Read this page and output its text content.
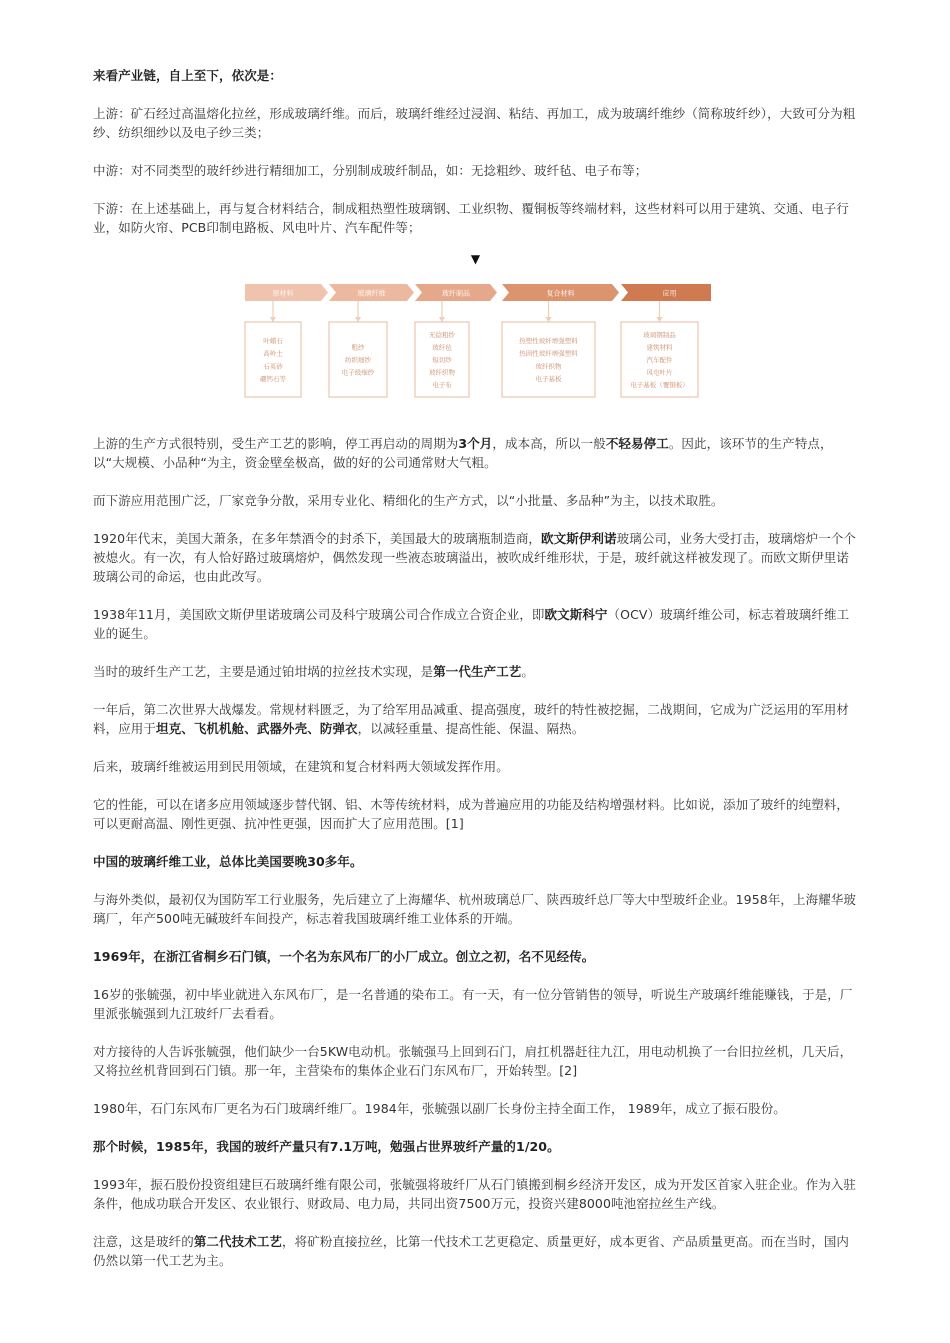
来看产业链，自上至下，依次是：

上游：矿石经过高温熔化拉丝，形成玻璃纤维。而后，玻璃纤维经过浸润、粘结、再加工，成为玻璃纤维纱（简称玻纤纱），大致可分为粗纱、纺织细纱以及电子纱三类；

中游：对不同类型的玻纤纱进行精细加工，分别制成玻纤制品，如：无捻粗纱、玻纤毡、电子布等；

下游：在上述基础上，再与复合材料结合，制成粗热塑性玻璃钢、工业织物、覆铜板等终端材料，这些材料可以用于建筑、交通、电子行业，如防火帘、PCB印制电路板、风电叶片、汽车配件等；

▼
原材料
叶蜡石
高岭土
石英砂
硼钙石等
玻璃纤维
粗纱
纺织细纱
电子级细纱
玻纤制品
无捻粗纱
玻纤毡
短切纱
玻纤织物
电子布
复合材料
热塑性玻纤增强塑料
热固性玻纤增强塑料
玻纤织物
电子基板
应用
玻璃钢制品
建筑材料
汽车配件
风电叶片
电子基板（覆铜板）

上游的生产方式很特别，受生产工艺的影响，停工再启动的周期为3个月，成本高，所以一般不轻易停工。因此，该环节的生产特点，以“大规模、小品种“为主，资金壁垒极高，做的好的公司通常财大气粗。

而下游应用范围广泛，厂家竞争分散，采用专业化、精细化的生产方式，以“小批量、多品种”为主，以技术取胜。

1920年代末，美国大萧条，在多年禁酒令的封杀下，美国最大的玻璃瓶制造商，欧文斯伊利诺玻璃公司，业务大受打击，玻璃熔炉一个个被熄火。有一次，有人恰好路过玻璃熔炉，偶然发现一些液态玻璃溢出，被吹成纤维形状，于是，玻纤就这样被发现了。而欧文斯伊里诺玻璃公司的命运，也由此改写。

1938年11月，美国欧文斯伊里诺玻璃公司及科宁玻璃公司合作成立合资企业，即欧文斯科宁（OCV）玻璃纤维公司，标志着玻璃纤维工业的诞生。

当时的玻纤生产工艺，主要是通过铂坩埚的拉丝技术实现，是第一代生产工艺。

一年后，第二次世界大战爆发。常规材料匮乏，为了给军用品减重、提高强度，玻纤的特性被挖掘，二战期间，它成为广泛运用的军用材料，应用于坦克、飞机机舱、武器外壳、防弹衣，以减轻重量、提高性能、保温、隔热。

后来，玻璃纤维被运用到民用领域，在建筑和复合材料两大领域发挥作用。

它的性能，可以在诸多应用领域逐步替代钢、铝、木等传统材料，成为普遍应用的功能及结构增强材料。比如说，添加了玻纤的纯塑料，可以更耐高温、刚性更强、抗冲性更强，因而扩大了应用范围。[1]

中国的玻璃纤维工业，总体比美国要晚30多年。

与海外类似，最初仅为国防军工行业服务，先后建立了上海耀华、杭州玻璃总厂、陕西玻纤总厂等大中型玻纤企业。1958年，上海耀华玻璃厂，年产500吨无碱玻纤车间投产，标志着我国玻璃纤维工业体系的开端。

1969年，在浙江省桐乡石门镇，一个名为东风布厂的小厂成立。创立之初，名不见经传。

16岁的张毓强，初中毕业就进入东风布厂，是一名普通的染布工。有一天，有一位分管销售的领导，听说生产玻璃纤维能赚钱，于是，厂里派张毓强到九江玻纤厂去看看。

对方接待的人告诉张毓强，他们缺少一台5KW电动机。张毓强马上回到石门，肩扛机器赶往九江，用电动机换了一台旧拉丝机，几天后，又将拉丝机背回到石门镇。那一年，主营染布的集体企业石门东风布厂，开始转型。[2]

1980年，石门东风布厂更名为石门玻璃纤维厂。1984年，张毓强以副厂长身份主持全面工作， 1989年，成立了振石股份。

那个时候，1985年，我国的玻纤产量只有7.1万吨，勉强占世界玻纤产量的1/20。

1993年，振石股份投资组建巨石玻璃纤维有限公司，张毓强将玻纤厂从石门镇搬到桐乡经济开发区，成为开发区首家入驻企业。作为入驻条件，他成功联合开发区、农业银行、财政局、电力局，共同出资7500万元，投资兴建8000吨池窑拉丝生产线。

注意，这是玻纤的第二代技术工艺，将矿粉直接拉丝，比第一代技术工艺更稳定、质量更好，成本更省、产品质量更高。而在当时，国内仍然以第一代工艺为主。
